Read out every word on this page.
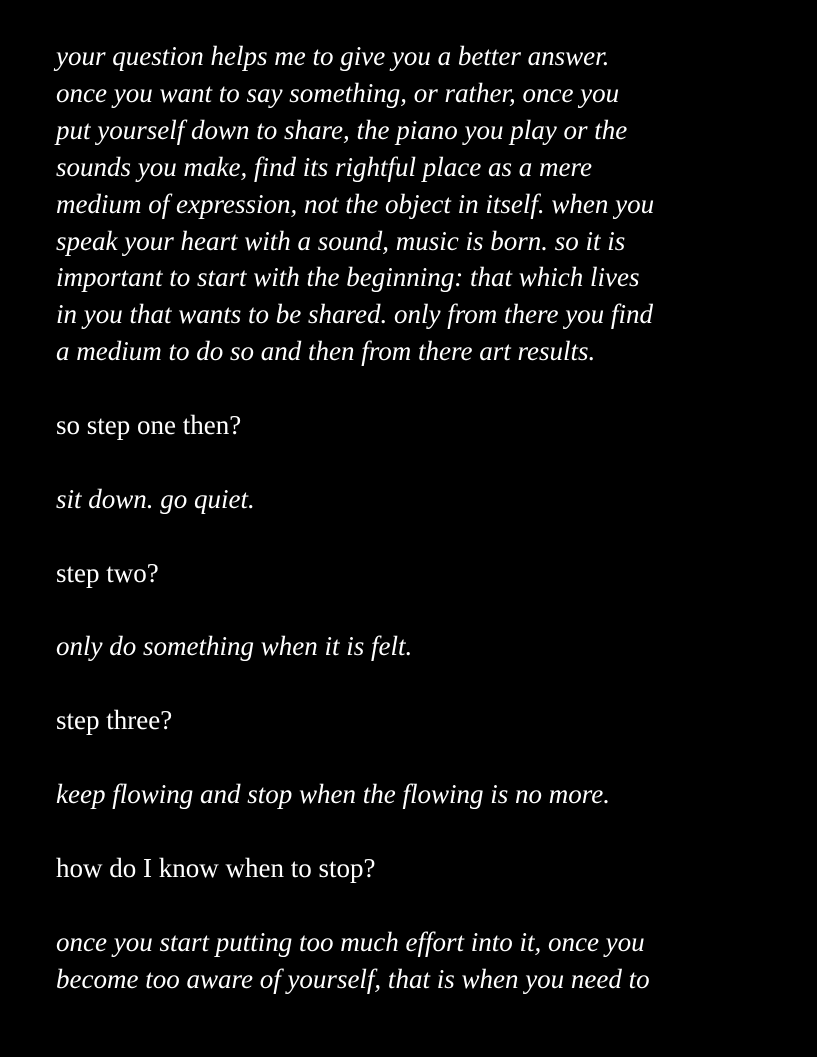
your question helps me to give you a better answer.
once you want to say something, or rather, once you
put yourself down to share, the piano you play or the
sounds you make, find its rightful place as a mere
medium of expression, not the object in itself. when you
speak your heart with a sound, music is born. so it is
important to start with the beginning: that which lives
in you that wants to be shared. only from there you find
a medium to do so and then from there art results.
so step one then?
sit down. go quiet.
step two?
only do something when it is felt.
step three?
keep flowing and stop when the flowing is no more.
how do I know when to stop?
once you start putting too much effort into it, once you
become too aware of yourself, that is when you need to
